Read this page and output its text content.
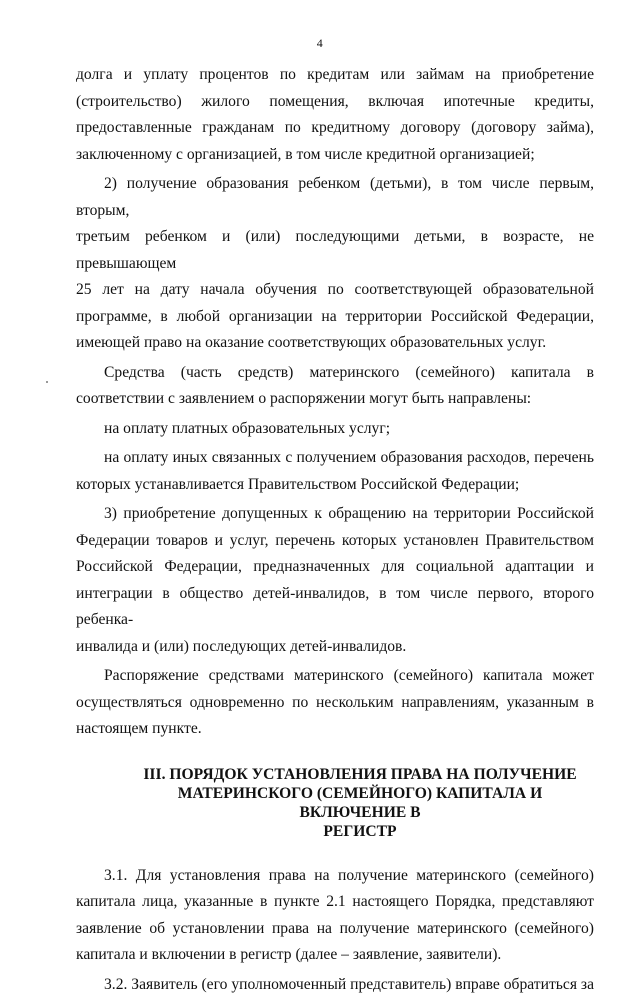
4

долга и уплату процентов по кредитам или займам на приобретение

(строительство) жилого помещения, включая ипотечные кредиты,

предоставленные гражданам по кредитному договору (договору займа),

заключенному с организацией, в том числе кредитной организацией;

2) получение образования ребенком (детьми), в том числе первым, вторым,

третьим ребенком и (или) последующими детьми, в возрасте, не превышающем

25 лет на дату начала обучения по соответствующей образовательной

программе, в любой организации на территории Российской Федерации,

имеющей право на оказание соответствующих образовательных услуг.

Средства (часть средств) материнского (семейного) капитала в

соответствии с заявлением о распоряжении могут быть направлены:

на оплату платных образовательных услуг;

на оплату иных связанных с получением образования расходов, перечень

которых устанавливается Правительством Российской Федерации;

3) приобретение допущенных к обращению на территории Российской

Федерации товаров и услуг, перечень которых установлен Правительством

Российской Федерации, предназначенных для социальной адаптации и

интеграции в общество детей-инвалидов, в том числе первого, второго ребенка-

инвалида и (или) последующих детей-инвалидов.

Распоряжение средствами материнского (семейного) капитала может

осуществляться одновременно по нескольким направлениям, указанным в

настоящем пункте.

III. ПОРЯДОК УСТАНОВЛЕНИЯ ПРАВА НА ПОЛУЧЕНИЕ
МАТЕРИНСКОГО (СЕМЕЙНОГО) КАПИТАЛА И ВКЛЮЧЕНИЕ В
РЕГИСТР

3.1. Для установления права на получение материнского (семейного)

капитала лица, указанные в пункте 2.1 настоящего Порядка, представляют

заявление об установлении права на получение материнского (семейного)

капитала и включении в регистр (далее – заявление, заявители).

3.2. Заявитель (его уполномоченный представитель) вправе обратиться за
